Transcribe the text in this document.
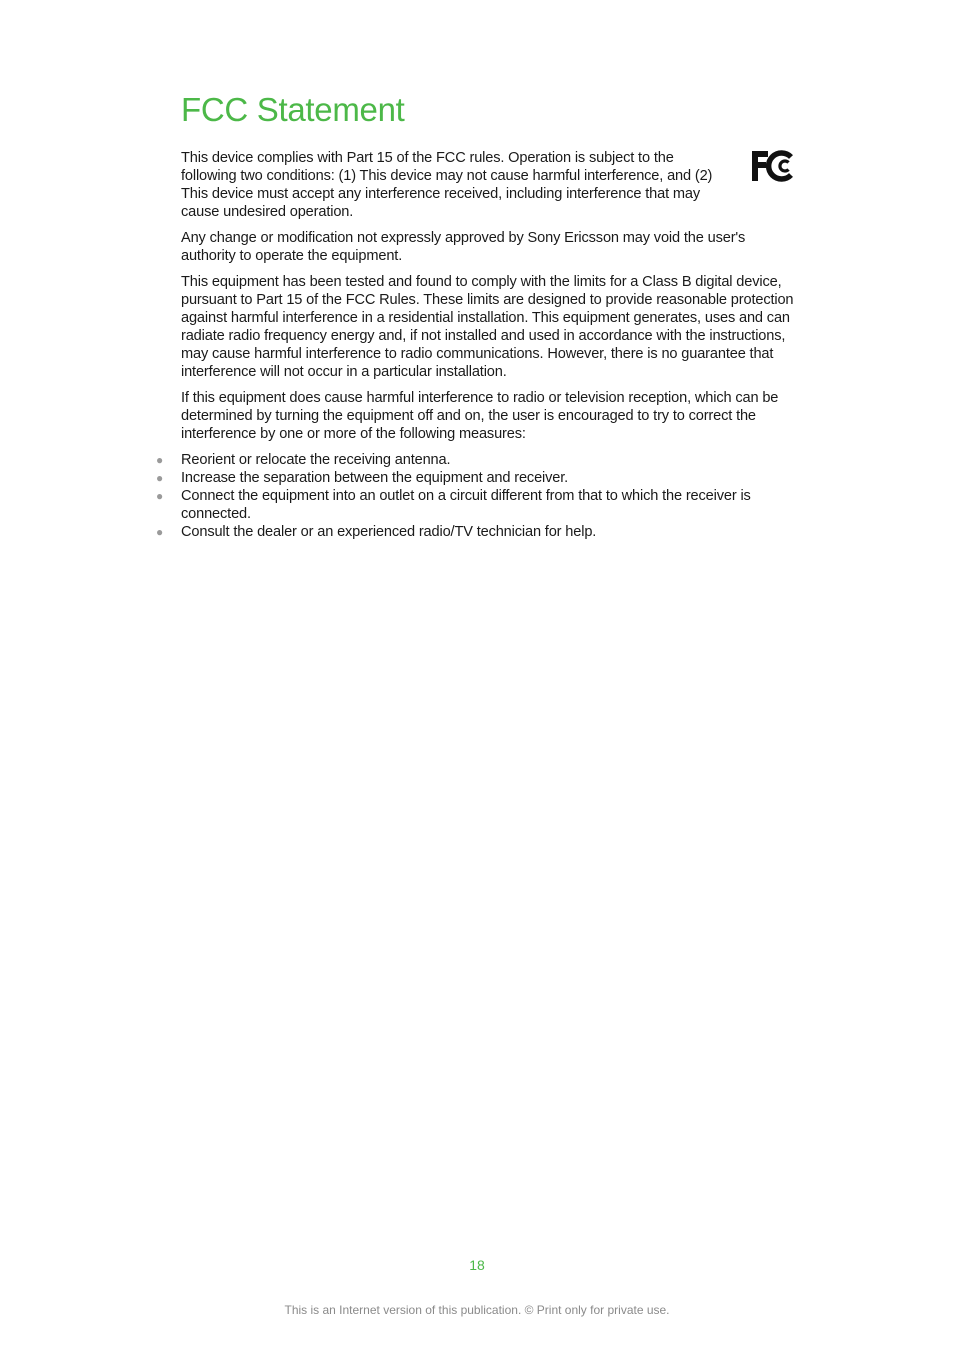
FCC Statement

This device complies with Part 15 of the FCC rules. Operation is subject to the following two conditions: (1) This device may not cause harmful interference, and (2) This device must accept any interference received, including interference that may cause undesired operation.

Any change or modification not expressly approved by Sony Ericsson may void the user's authority to operate the equipment.

This equipment has been tested and found to comply with the limits for a Class B digital device, pursuant to Part 15 of the FCC Rules. These limits are designed to provide reasonable protection against harmful interference in a residential installation. This equipment generates, uses and can radiate radio frequency energy and, if not installed and used in accordance with the instructions, may cause harmful interference to radio communications. However, there is no guarantee that interference will not occur in a particular installation.

If this equipment does cause harmful interference to radio or television reception, which can be determined by turning the equipment off and on, the user is encouraged to try to correct the interference by one or more of the following measures:

● Reorient or relocate the receiving antenna.
● Increase the separation between the equipment and receiver.
● Connect the equipment into an outlet on a circuit different from that to which the receiver is connected.
● Consult the dealer or an experienced radio/TV technician for help.
18
This is an Internet version of this publication. © Print only for private use.
